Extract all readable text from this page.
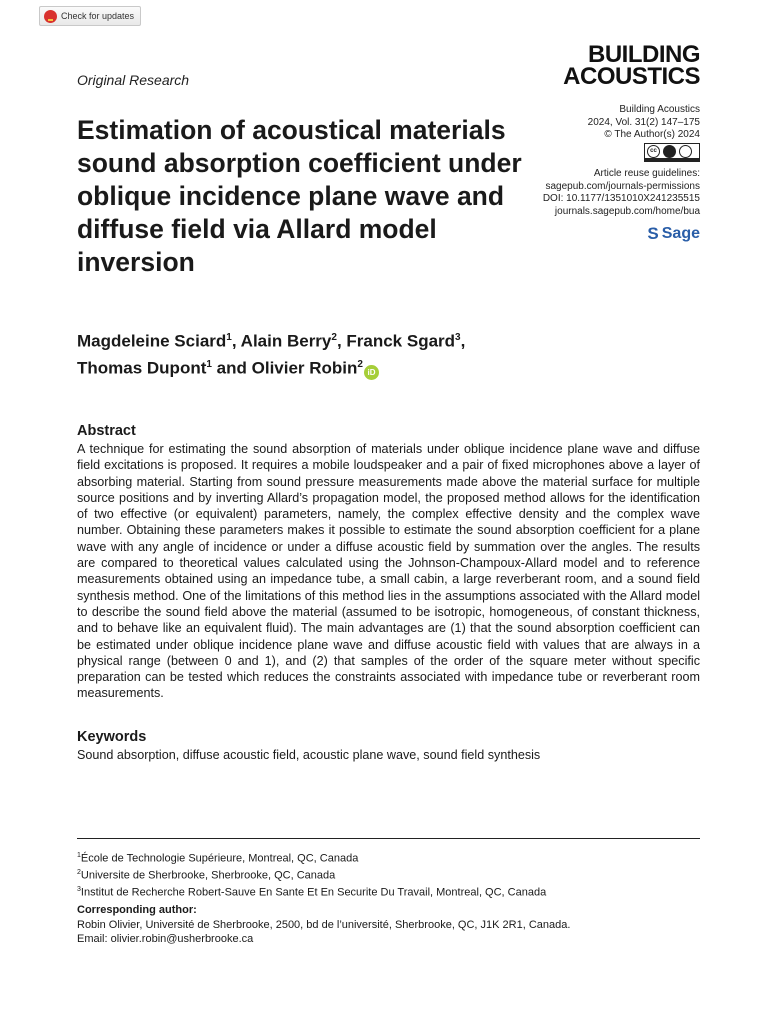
Check for updates
Original Research
BUILDING
ACOUSTICS
Building Acoustics
2024, Vol. 31(2) 147–175
© The Author(s) 2024
cc
Article reuse guidelines:
sagepub.com/journals-permissions
DOI: 10.1177/1351010X241235515
journals.sagepub.com/home/bua
S Sage
Estimation of acoustical materials sound absorption coefficient under oblique incidence plane wave and diffuse field via Allard model inversion
Magdeleine Sciard$^1$, Alain Berry$^2$, Franck Sgard$^3$,
Thomas Dupont$^1$ and Olivier Robin$^2$iD
Abstract

A technique for estimating the sound absorption of materials under oblique incidence plane wave and diffuse field excitations is proposed. It requires a mobile loudspeaker and a pair of fixed microphones above a layer of absorbing material. Starting from sound pressure measurements made above the material surface for multiple source positions and by inverting Allard’s propagation model, the proposed method allows for the identification of two effective (or equivalent) parameters, namely, the complex effective density and the complex wave number. Obtaining these parameters makes it possible to estimate the sound absorption coefficient for a plane wave with any angle of incidence or under a diffuse acoustic field by summation over the angles. The results are compared to theoretical values calculated using the Johnson-Champoux-Allard model and to reference measurements obtained using an impedance tube, a small cabin, a large reverberant room, and a sound field synthesis method. One of the limitations of this method lies in the assumptions associated with the Allard model to describe the sound field above the material (assumed to be isotropic, homogeneous, of constant thickness, and to behave like an equivalent fluid). The main advantages are (1) that the sound absorption coefficient can be estimated under oblique incidence plane wave and diffuse acoustic field with values that are always in a physical range (between 0 and 1), and (2) that samples of the order of the square meter without specific preparation can be tested which reduces the constraints associated with impedance tube or reverberant room measurements.

Keywords
Sound absorption, diffuse acoustic field, acoustic plane wave, sound field synthesis
$^1$École de Technologie Supérieure, Montreal, QC, Canada
$^2$Universite de Sherbrooke, Sherbrooke, QC, Canada
$^3$Institut de Recherche Robert-Sauve En Sante Et En Securite Du Travail, Montreal, QC, Canada
Corresponding author:
Robin Olivier, Université de Sherbrooke, 2500, bd de l’université, Sherbrooke, QC, J1K 2R1, Canada.
Email: olivier.robin@usherbrooke.ca
